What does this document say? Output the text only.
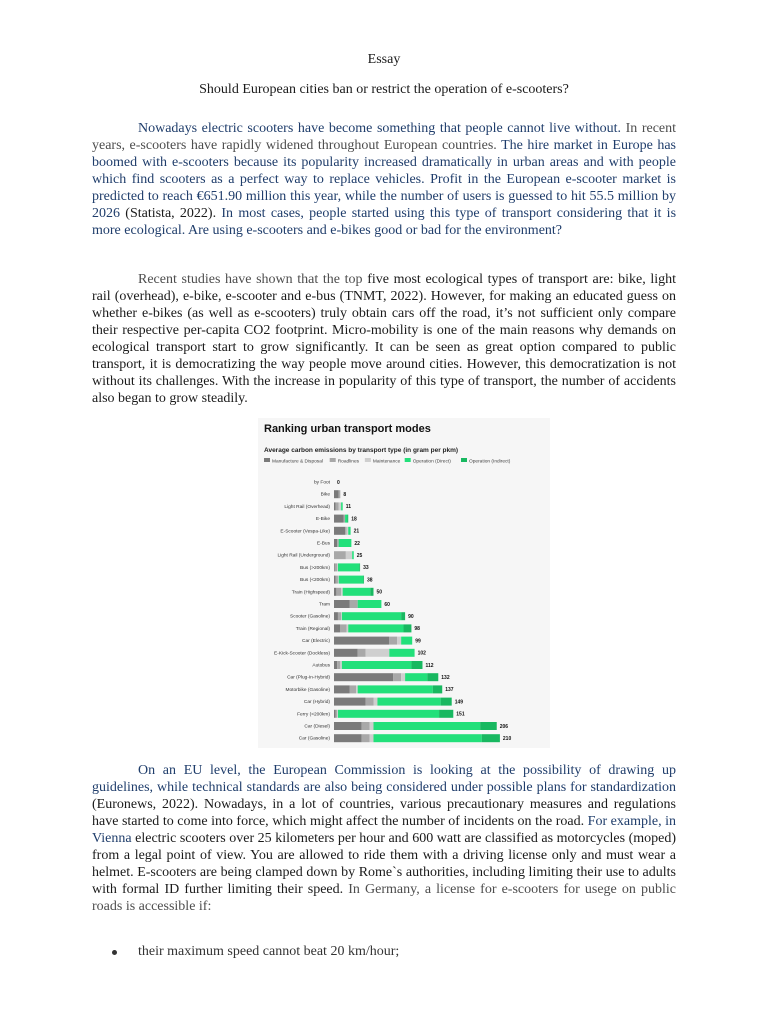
Essay
Should European cities ban or restrict the operation of e-scooters?

Nowadays electric scooters have become something that people cannot live without. In recent years, e-scooters have rapidly widened throughout European countries. The hire market in Europe has boomed with e-scooters because its popularity increased dramatically in urban areas and with people which find scooters as a perfect way to replace vehicles. Profit in the European e-scooter market is predicted to reach €651.90 million this year, while the number of users is guessed to hit 55.5 million by 2026 (Statista, 2022). In most cases, people started using this type of transport considering that it is more ecological. Are using e-scooters and e-bikes good or bad for the environment?

Recent studies have shown that the top five most ecological types of transport are: bike, light rail (overhead), e-bike, e-scooter and e-bus (TNMT, 2022). However, for making an educated guess on whether e-bikes (as well as e-scooters) truly obtain cars off the road, it’s not sufficient only compare their respective per-capita CO2 footprint. Micro-mobility is one of the main reasons why demands on ecological transport start to grow significantly. It can be seen as great option compared to public transport, it is democratizing the way people move around cities. However, this democratization is not without its challenges. With the increase in popularity of this type of transport, the number of accidents also began to grow steadily.

Ranking urban transport modes
Average carbon emissions by transport type (in gram per pkm)
Manufacture & Disposal	Roadlines	Maintenance	Operation (Direct)	Operation (Indirect)
by Foot 0
Bike	8
Light Rail (Overhead)	11
E-Bike	18
E-Scooter (Vespa-Like)	21
E-Bus	22
Light Rail (Underground)	25
Bus (>200km)	33
Bus (<200km)	38
Train (Highspeed)	50
Tram	60
Scooter (Gasoline)	90
Train (Regional)	98
Car (Electric)	99
E-Kick-Scooter (Dockless)	102
Autobus	112
Car (Plug-In-Hybrid)	132
Motorbike (Gasoline)	137
Car (Hybrid)	149
Ferry (<200km)	151
Car (Diesel)	206
Car (Gasoline)	210

On an EU level, the European Commission is looking at the possibility of drawing up guidelines, while technical standards are also being considered under possible plans for standardization (Euronews, 2022). Nowadays, in a lot of countries, various precautionary measures and regulations have started to come into force, which might affect the number of incidents on the road. For example, in Vienna electric scooters over 25 kilometers per hour and 600 watt are classified as motorcycles (moped) from a legal point of view. You are allowed to ride them with a driving license only and must wear a helmet. E-scooters are being clamped down by Rome`s authorities, including limiting their use to adults with formal ID further limiting their speed. In Germany, a license for e-scooters for usege on public roads is accessible if:

their maximum speed cannot beat 20 km/hour;
